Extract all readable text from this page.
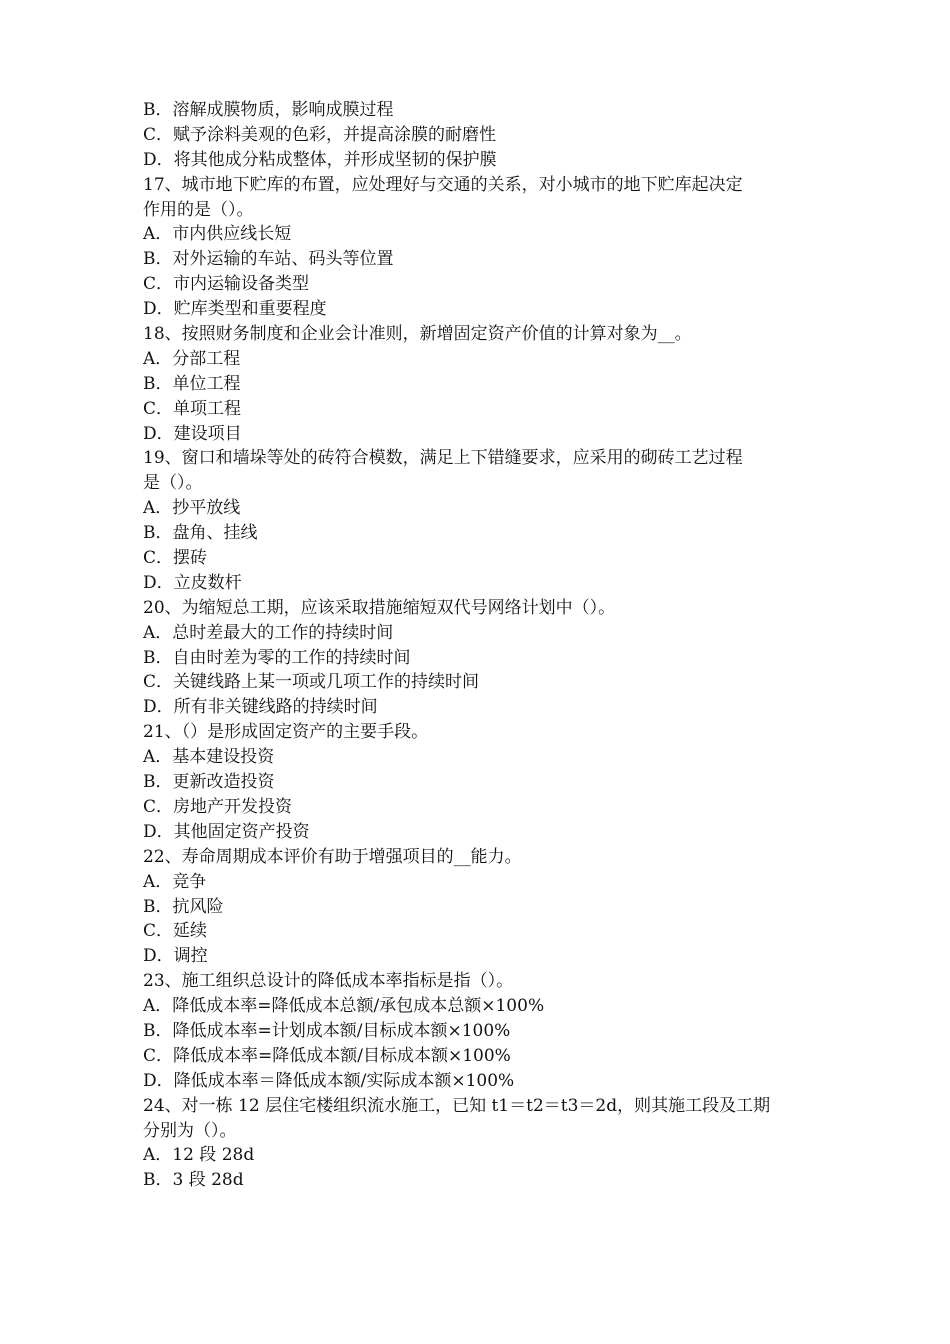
B．溶解成膜物质，影响成膜过程
C．赋予涂料美观的色彩，并提高涂膜的耐磨性
D．将其他成分粘成整体，并形成坚韧的保护膜
17、城市地下贮库的布置，应处理好与交通的关系，对小城市的地下贮库起决定
作用的是（）。
A．市内供应线长短
B．对外运输的车站、码头等位置
C．市内运输设备类型
D．贮库类型和重要程度
18、按照财务制度和企业会计准则，新增固定资产价值的计算对象为__。
A．分部工程
B．单位工程
C．单项工程
D．建设项目
19、窗口和墙垛等处的砖符合模数，满足上下错缝要求，应采用的砌砖工艺过程
是（）。
A．抄平放线
B．盘角、挂线
C．摆砖
D．立皮数杆
20、为缩短总工期，应该采取措施缩短双代号网络计划中（）。
A．总时差最大的工作的持续时间
B．自由时差为零的工作的持续时间
C．关键线路上某一项或几项工作的持续时间
D．所有非关键线路的持续时间
21、（）是形成固定资产的主要手段。
A．基本建设投资
B．更新改造投资
C．房地产开发投资
D．其他固定资产投资
22、寿命周期成本评价有助于增强项目的__能力。
A．竞争
B．抗风险
C．延续
D．调控
23、施工组织总设计的降低成本率指标是指（）。
A．降低成本率=降低成本总额/承包成本总额×100%
B．降低成本率=计划成本额/目标成本额×100%
C．降低成本率=降低成本额/目标成本额×100%
D．降低成本率＝降低成本额/实际成本额×100%
24、对一栋 12 层住宅楼组织流水施工，已知 t1＝t2＝t3＝2d，则其施工段及工期
分别为（）。
A．12 段 28d
B．3 段 28d
